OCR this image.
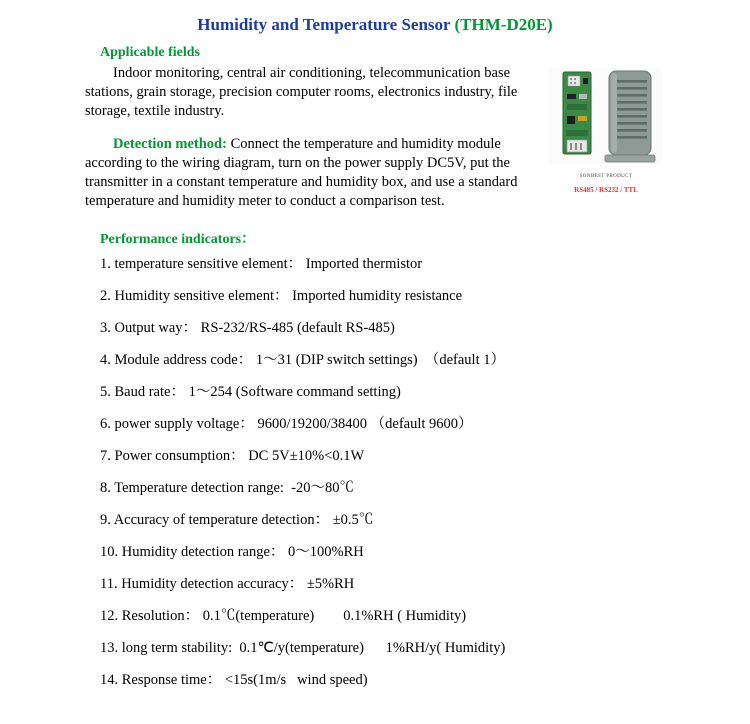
Humidity and Temperature Sensor (THM-D20E)
SONBEST PRODUCT
RS485 / RS232 / TTL
Applicable fields

Indoor monitoring, central air conditioning, telecommunication base stations, grain storage, precision computer rooms, electronics industry, file storage, textile industry.

Detection method: Connect the temperature and humidity module according to the wiring diagram, turn on the power supply DC5V, put the transmitter in a constant temperature and humidity box, and use a standard temperature and humidity meter to conduct a comparison test.

Performance indicators：
1. temperature sensitive element： Imported thermistor
2. Humidity sensitive element： Imported humidity resistance
3. Output way： RS-232/RS-485 (default RS-485)
4. Module address code： 1～31 (DIP switch settings)  （default 1）
5. Baud rate： 1～254 (Software command setting)
6. power supply voltage： 9600/19200/38400 （default 9600）
7. Power consumption： DC 5V±10%<0.1W
8. Temperature detection range:  -20～80℃
9. Accuracy of temperature detection： ±0.5℃
10. Humidity detection range： 0～100%RH
11. Humidity detection accuracy： ±5%RH
12. Resolution： 0.1℃(temperature)        0.1%RH ( Humidity)
13. long term stability:  0.1℃/y(temperature)      1%RH/y( Humidity)
14. Response time： <15s(1m/s   wind speed)
